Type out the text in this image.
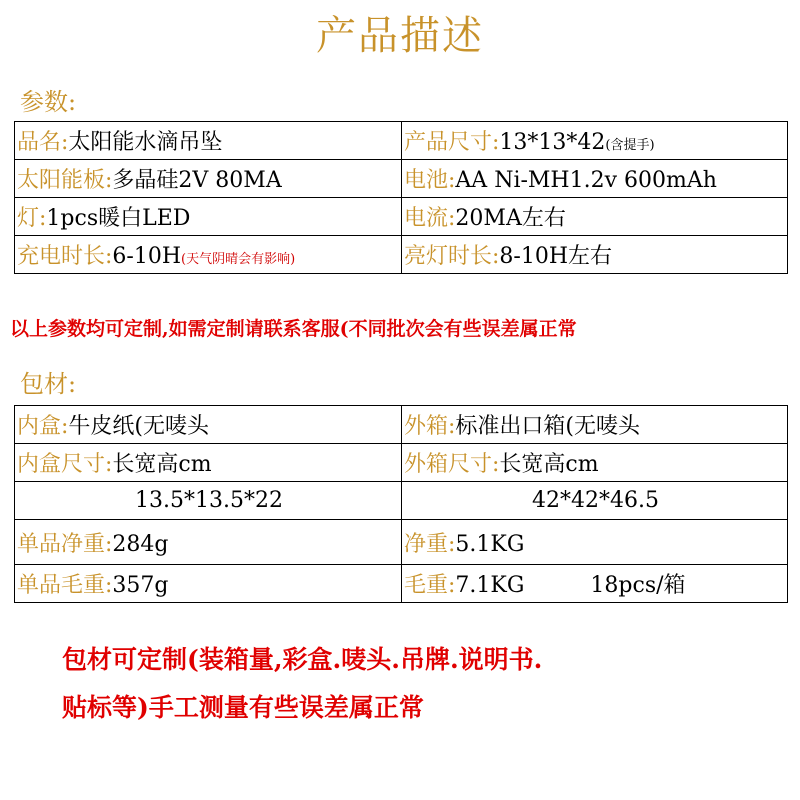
产品描述
参数:
品名:太阳能水滴吊坠	产品尺寸:13*13*42(含提手)
太阳能板:多晶硅2V 80MA	电池:AA Ni-MH1.2v 600mAh
灯:1pcs暖白LED	电流:20MA左右
充电时长:6-10H(天气阴晴会有影响)	亮灯时长:8-10H左右
以上参数均可定制,如需定制请联系客服(不同批次会有些误差属正常
包材:
内盒:牛皮纸(无唛头	外箱:标准出口箱(无唛头
内盒尺寸:长宽高cm	外箱尺寸:长宽高cm
13.5*13.5*22	42*42*46.5
单品净重:284g	净重:5.1KG
单品毛重:357g	毛重:7.1KG 18pcs/箱
包材可定制(装箱量,彩盒.唛头.吊牌.说明书.
贴标等)手工测量有些误差属正常
